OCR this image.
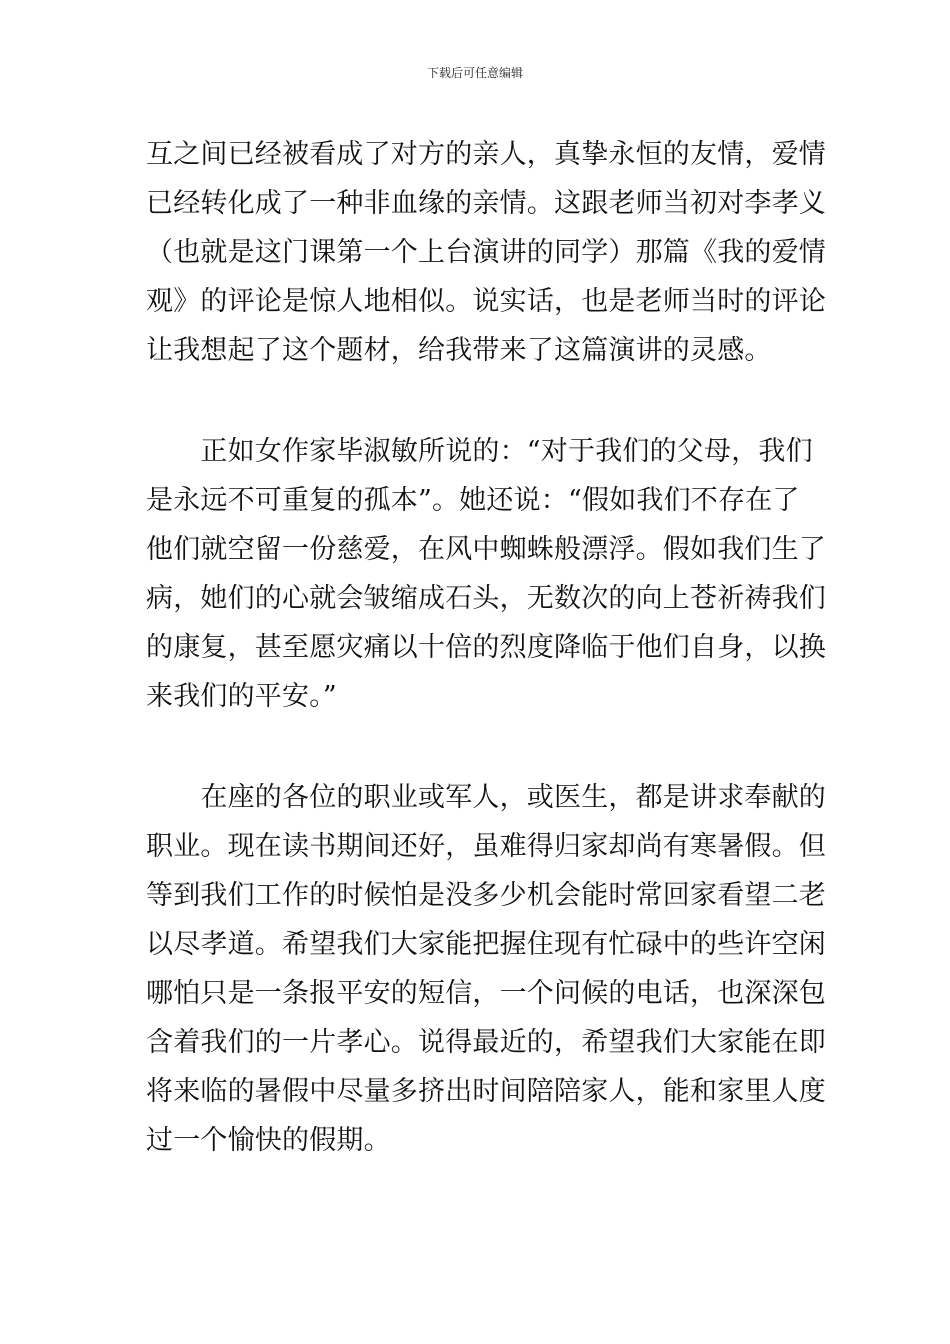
下载后可任意编辑
互之间已经被看成了对方的亲人，真挚永恒的友情，爱情
已经转化成了一种非血缘的亲情。这跟老师当初对李孝义
（也就是这门课第一个上台演讲的同学）那篇《我的爱情
观》的评论是惊人地相似。说实话，也是老师当时的评论
让我想起了这个题材，给我带来了这篇演讲的灵感。
　　正如女作家毕淑敏所说的：“对于我们的父母，我们
是永远不可重复的孤本”。她还说：“假如我们不存在了
他们就空留一份慈爱，在风中蜘蛛般漂浮。假如我们生了
病，她们的心就会皱缩成石头，无数次的向上苍祈祷我们
的康复，甚至愿灾痛以十倍的烈度降临于他们自身，以换
来我们的平安。”
　　在座的各位的职业或军人，或医生，都是讲求奉献的
职业。现在读书期间还好，虽难得归家却尚有寒暑假。但
等到我们工作的时候怕是没多少机会能时常回家看望二老
以尽孝道。希望我们大家能把握住现有忙碌中的些许空闲
哪怕只是一条报平安的短信，一个问候的电话，也深深包
含着我们的一片孝心。说得最近的，希望我们大家能在即
将来临的暑假中尽量多挤出时间陪陪家人，能和家里人度
过一个愉快的假期。
